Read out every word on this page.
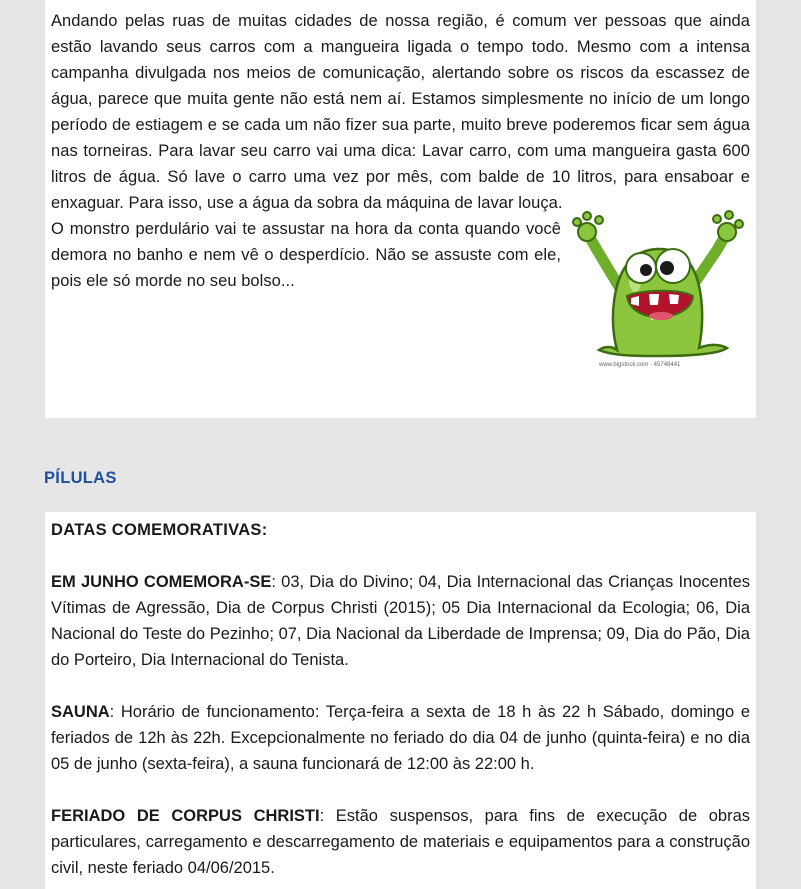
Andando pelas ruas de muitas cidades de nossa região, é comum ver pessoas que ainda estão lavando seus carros com a mangueira ligada o tempo todo. Mesmo com a intensa campanha divulgada nos meios de comunicação, alertando sobre os riscos da escassez de água, parece que muita gente não está nem aí. Estamos simplesmente no início de um longo período de estiagem e se cada um não fizer sua parte, muito breve poderemos ficar sem água nas torneiras. Para lavar seu carro vai uma dica: Lavar carro, com uma mangueira gasta 600 litros de água. Só lave o carro uma vez por mês, com balde de 10 litros, para ensaboar e enxaguar. Para isso, use a água da sobra da máquina de lavar louça.

O monstro perdulário vai te assustar na hora da conta quando você demora no banho e nem vê o desperdício. Não se assuste com ele, pois ele só morde no seu bolso...

www.bigstock.com · 45748441
PÍLULAS

DATAS COMEMORATIVAS:

EM JUNHO COMEMORA-SE: 03, Dia do Divino; 04, Dia Internacional das Crianças Inocentes Vítimas de Agressão, Dia de Corpus Christi (2015); 05 Dia Internacional da Ecologia; 06, Dia Nacional do Teste do Pezinho; 07, Dia Nacional da Liberdade de Imprensa; 09, Dia do Pão, Dia do Porteiro, Dia Internacional do Tenista.

SAUNA: Horário de funcionamento: Terça-feira a sexta de 18 h às 22 h Sábado, domingo e feriados de 12h às 22h. Excepcionalmente no feriado do dia 04 de junho (quinta-feira) e no dia 05 de junho (sexta-feira), a sauna funcionará de 12:00 às 22:00 h.

FERIADO DE CORPUS CHRISTI: Estão suspensos, para fins de execução de obras particulares, carregamento e descarregamento de materiais e equipamentos para a construção civil, neste feriado 04/06/2015.
